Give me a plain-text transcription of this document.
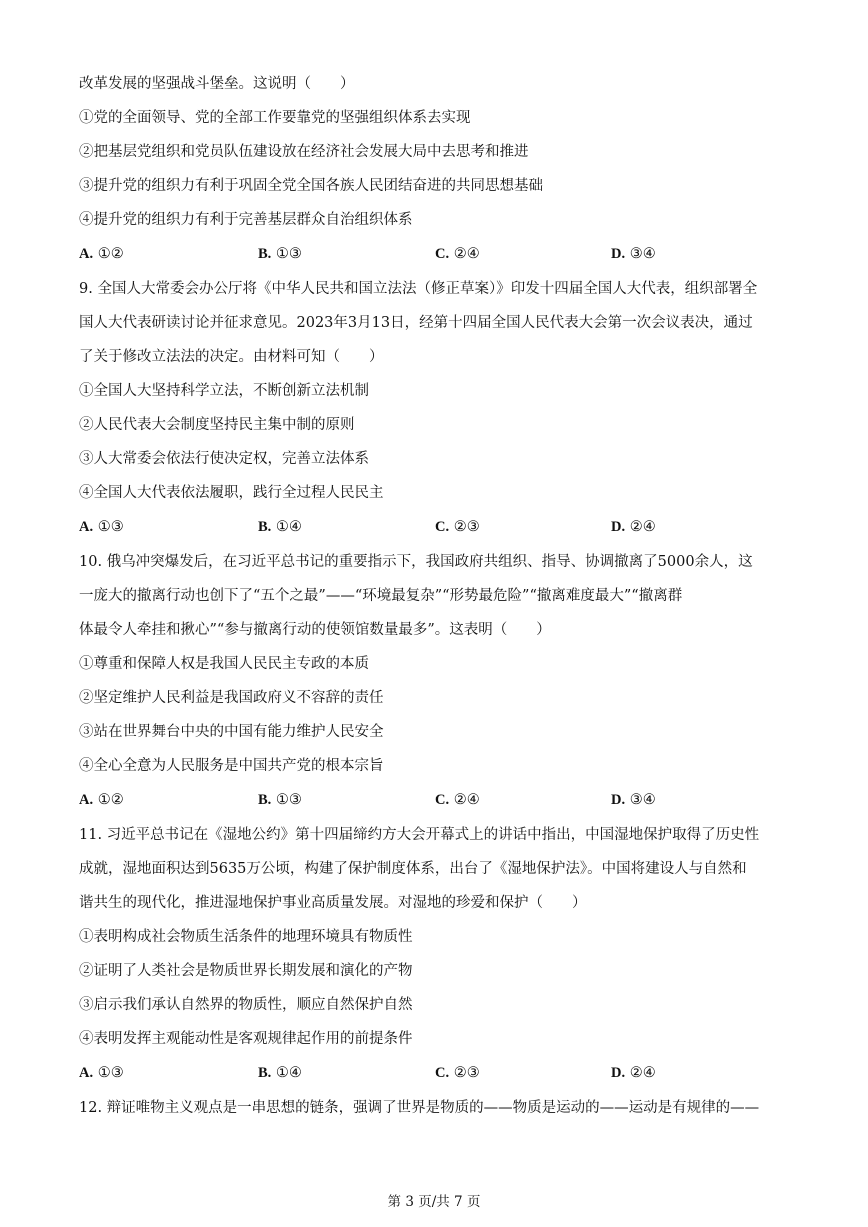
改革发展的坚强战斗堡垒。这说明（　　）
①党的全面领导、党的全部工作要靠党的坚强组织体系去实现
②把基层党组织和党员队伍建设放在经济社会发展大局中去思考和推进
③提升党的组织力有利于巩固全党全国各族人民团结奋进的共同思想基础
④提升党的组织力有利于完善基层群众自治组织体系
A. ①②	B. ①③	C. ②④	D. ③④
9. 全国人大常委会办公厅将《中华人民共和国立法法（修正草案）》印发十四届全国人大代表，组织部署全
国人大代表研读讨论并征求意见。2023年3月13日，经第十四届全国人民代表大会第一次会议表决，通过
了关于修改立法法的决定。由材料可知（　　）
①全国人大坚持科学立法，不断创新立法机制
②人民代表大会制度坚持民主集中制的原则
③人大常委会依法行使决定权，完善立法体系
④全国人大代表依法履职，践行全过程人民民主
A. ①③	B. ①④	C. ②③	D. ②④
10. 俄乌冲突爆发后，在习近平总书记的重要指示下，我国政府共组织、指导、协调撤离了5000余人，这
一庞大的撤离行动也创下了“五个之最”——“环境最复杂”“形势最危险”“撤离难度最大”“撤离群
体最令人牵挂和揪心”“参与撤离行动的使领馆数量最多”。这表明（　　）
①尊重和保障人权是我国人民民主专政的本质
②坚定维护人民利益是我国政府义不容辞的责任
③站在世界舞台中央的中国有能力维护人民安全
④全心全意为人民服务是中国共产党的根本宗旨
A. ①②	B. ①③	C. ②④	D. ③④
11. 习近平总书记在《湿地公约》第十四届缔约方大会开幕式上的讲话中指出，中国湿地保护取得了历史性
成就，湿地面积达到5635万公顷，构建了保护制度体系，出台了《湿地保护法》。中国将建设人与自然和
谐共生的现代化，推进湿地保护事业高质量发展。对湿地的珍爱和保护（　　）
①表明构成社会物质生活条件的地理环境具有物质性
②证明了人类社会是物质世界长期发展和演化的产物
③启示我们承认自然界的物质性，顺应自然保护自然
④表明发挥主观能动性是客观规律起作用的前提条件
A. ①③	B. ①④	C. ②③	D. ②④
12. 辩证唯物主义观点是一串思想的链条，强调了世界是物质的——物质是运动的——运动是有规律的——
第 3 页/共 7 页
